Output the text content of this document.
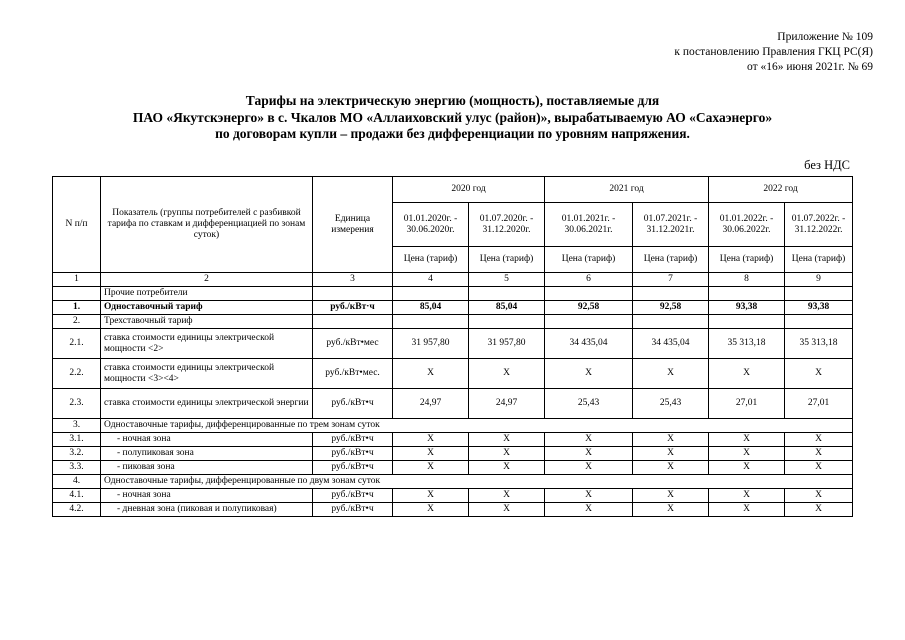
Приложение № 109
к постановлению Правления ГКЦ РС(Я)
от «16» июня 2021г. № 69
Тарифы на электрическую энергию (мощность), поставляемые для
ПАО «Якутскэнерго» в с. Чкалов МО «Аллаиховский улус (район)», вырабатываемую АО «Сахаэнерго»
по договорам купли – продажи без дифференциации по уровням напряжения.
без НДС
N п/п	Показатель (группы потребителей с разбивкой тарифа по ставкам и дифференциацией по зонам суток)	Единица измерения	2020 год		2021 год		2022 год	
			01.01.2020г. - 30.06.2020г.	01.07.2020г. - 31.12.2020г.	01.01.2021г. - 30.06.2021г.	01.07.2021г. - 31.12.2021г.	01.01.2022г. - 30.06.2022г.	01.07.2022г. - 31.12.2022г.
			Цена (тариф)	Цена (тариф)	Цена (тариф)	Цена (тариф)	Цена (тариф)	Цена (тариф)
1	2	3	4	5	6	7	8	9
	Прочие потребители							
1.	Одноставочный тариф	руб./кВт·ч	85,04	85,04	92,58	92,58	93,38	93,38
2.	Трехставочный тариф							
2.1.	ставка стоимости единицы электрической мощности <2>	руб./кВт•мес	31 957,80	31 957,80	34 435,04	34 435,04	35 313,18	35 313,18
2.2.	ставка стоимости единицы электрической мощности <3><4>	руб./кВт•мес.	X	X	X	X	X	X
2.3.	ставка стоимости единицы электрической энергии	руб./кВт•ч	24,97	24,97	25,43	25,43	27,01	27,01
3.	Одноставочные тарифы, дифференцированные по трем зонам суток							
3.1.	- ночная зона	руб./кВт•ч	X	X	X	X	X	X
3.2.	- полупиковая зона	руб./кВт•ч	X	X	X	X	X	X
3.3.	- пиковая зона	руб./кВт•ч	X	X	X	X	X	X
4.	Одноставочные тарифы, дифференцированные по двум зонам суток							
4.1.	- ночная зона	руб./кВт•ч	X	X	X	X	X	X
4.2.	- дневная зона (пиковая и полупиковая)	руб./кВт•ч	X	X	X	X	X	X
